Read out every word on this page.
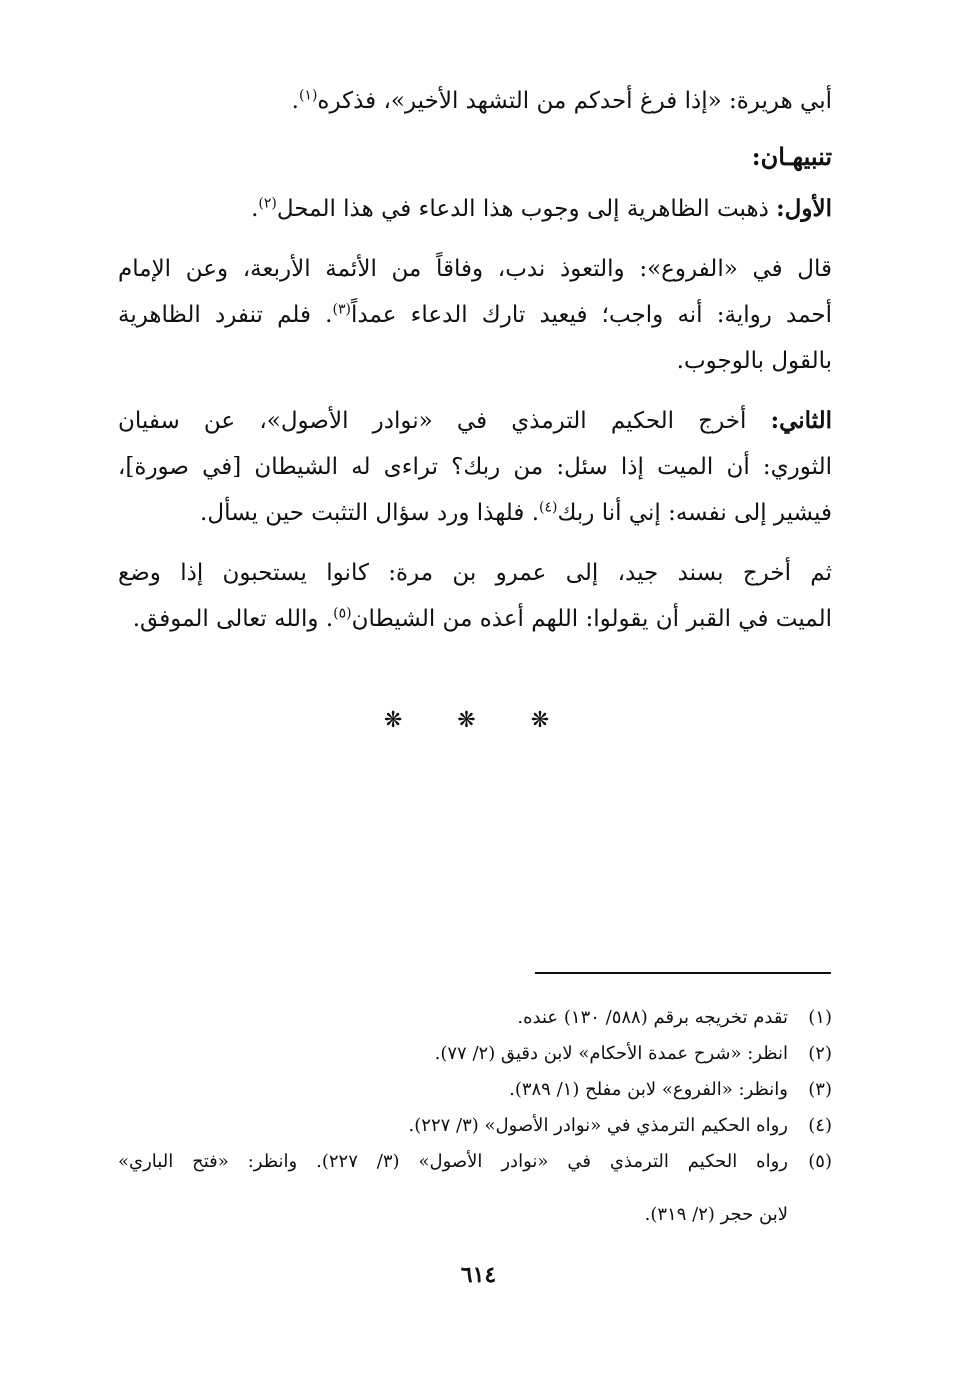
أبي هريرة: «إذا فرغ أحدكم من التشهد الأخير»، فذكره$^{(١)}$.

تنبيهـان:

الأول: ذهبت الظاهرية إلى وجوب هذا الدعاء في هذا المحل$^{(٢)}$.

قال في «الفروع»: والتعوذ ندب، وفاقاً من الأئمة الأربعة، وعن الإمام

أحمد رواية: أنه واجب؛ فيعيد تارك الدعاء عمداً$^{(٣)}$. فلم تنفرد الظاهرية

بالقول بالوجوب.

الثاني: أخرج الحكيم الترمذي في «نوادر الأصول»، عن سفيان

الثوري: أن الميت إذا سئل: من ربك؟ تراءى له الشيطان [في صورة]،

فيشير إلى نفسه: إني أنا ربك$^{(٤)}$. فلهذا ورد سؤال التثبت حين يسأل.

ثم أخرج بسند جيد، إلى عمرو بن مرة: كانوا يستحبون إذا وضع

الميت في القبر أن يقولوا: اللهم أعذه من الشيطان$^{(٥)}$. والله تعالى الموفق.

❋ ❋ ❋

(١)
تقدم تخريجه برقم (٥٨٨/ ١٣٠) عنده.

(٢)
انظر: «شرح عمدة الأحكام» لابن دقيق (٢/ ٧٧).

(٣)
وانظر: «الفروع» لابن مفلح (١/ ٣٨٩).

(٤)
رواه الحكيم الترمذي في «نوادر الأصول» (٣/ ٢٢٧).

(٥)
رواه الحكيم الترمذي في «نوادر الأصول» (٣/ ٢٢٧). وانظر: «فتح الباري»

لابن حجر (٢/ ٣١٩).

٦١٤
